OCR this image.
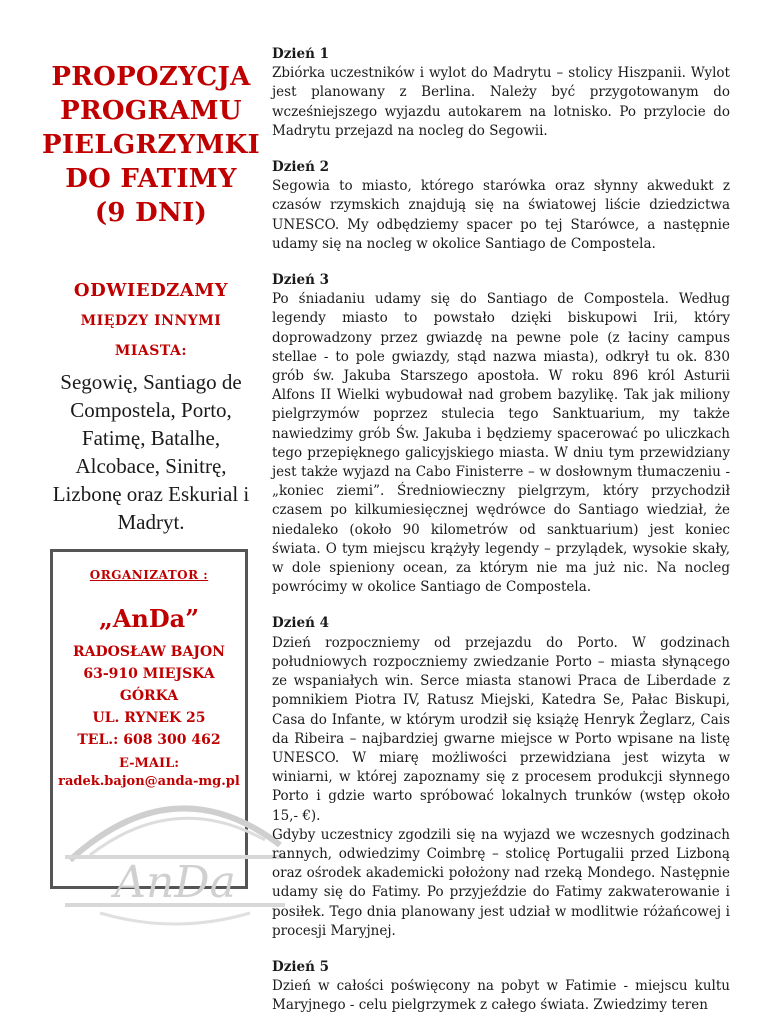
PROPOZYCJA
PROGRAMU
PIELGRZYMKI
DO FATIMY
(9 DNI)
ODWIEDZAMY
MIĘDZY INNYMI
MIASTA:
Segowię, Santiago de Compostela, Porto, Fatimę, Batalhe, Alcobace, Sinitrę, Lizbonę oraz Eskurial i Madryt.
ORGANIZATOR :
„AnDa”
RADOSŁAW BAJON
63-910 MIEJSKA GÓRKA
UL. RYNEK 25
TEL.: 608 300 462
E-MAIL:
radek.bajon@anda-mg.pl
AnDa
Dzień 1

Zbiórka uczestników i wylot do Madrytu – stolicy Hiszpanii. Wylot jest planowany z Berlina. Należy być przygotowanym do wcześniejszego wyjazdu autokarem na lotnisko. Po przylocie do Madrytu przejazd na nocleg do Segowii.

Dzień 2

Segowia to miasto, którego starówka oraz słynny akwedukt z czasów rzymskich znajdują się na światowej liście dziedzictwa UNESCO. My odbędziemy spacer po tej Starówce, a następnie udamy się na nocleg w okolice Santiago de Compostela.

Dzień 3

Po śniadaniu udamy się do Santiago de Compostela. Według legendy miasto to powstało dzięki biskupowi Irii, który doprowadzony przez gwiazdę na pewne pole (z łaciny campus stellae - to pole gwiazdy, stąd nazwa miasta), odkrył tu ok. 830 grób św. Jakuba Starszego apostoła. W roku 896 król Asturii Alfons II Wielki wybudował nad grobem bazylikę. Tak jak miliony pielgrzymów poprzez stulecia tego Sanktuarium, my także nawiedzimy grób Św. Jakuba i będziemy spacerować po uliczkach tego przepięknego galicyjskiego miasta. W dniu tym przewidziany jest także wyjazd na Cabo Finisterre – w dosłownym tłumaczeniu -„koniec ziemi”. Średniowieczny pielgrzym, który przychodził czasem po kilkumiesięcznej wędrówce do Santiago wiedział, że niedaleko (około 90 kilometrów od sanktuarium) jest koniec świata. O tym miejscu krążyły legendy – przylądek, wysokie skały, w dole spieniony ocean, za którym nie ma już nic. Na nocleg powrócimy w okolice Santiago de Compostela.

Dzień 4

Dzień rozpoczniemy od przejazdu do Porto. W godzinach południowych rozpoczniemy zwiedzanie Porto – miasta słynącego ze wspaniałych win. Serce miasta stanowi Praca de Liberdade z pomnikiem Piotra IV, Ratusz Miejski, Katedra Se, Pałac Biskupi, Casa do Infante, w którym urodził się książę Henryk Żeglarz, Cais da Ribeira – najbardziej gwarne miejsce w Porto wpisane na listę UNESCO. W miarę możliwości przewidziana jest wizyta w winiarni, w której zapoznamy się z procesem produkcji słynnego Porto i gdzie warto spróbować lokalnych trunków (wstęp około 15,- €).

Gdyby uczestnicy zgodzili się na wyjazd we wczesnych godzinach rannych, odwiedzimy Coimbrę – stolicę Portugalii przed Lizboną oraz ośrodek akademicki położony nad rzeką Mondego. Następnie udamy się do Fatimy. Po przyjeździe do Fatimy zakwaterowanie i posiłek. Tego dnia planowany jest udział w modlitwie różańcowej i procesji Maryjnej.

Dzień 5

Dzień w całości poświęcony na pobyt w Fatimie - miejscu kultu Maryjnego - celu pielgrzymek z całego świata. Zwiedzimy teren
